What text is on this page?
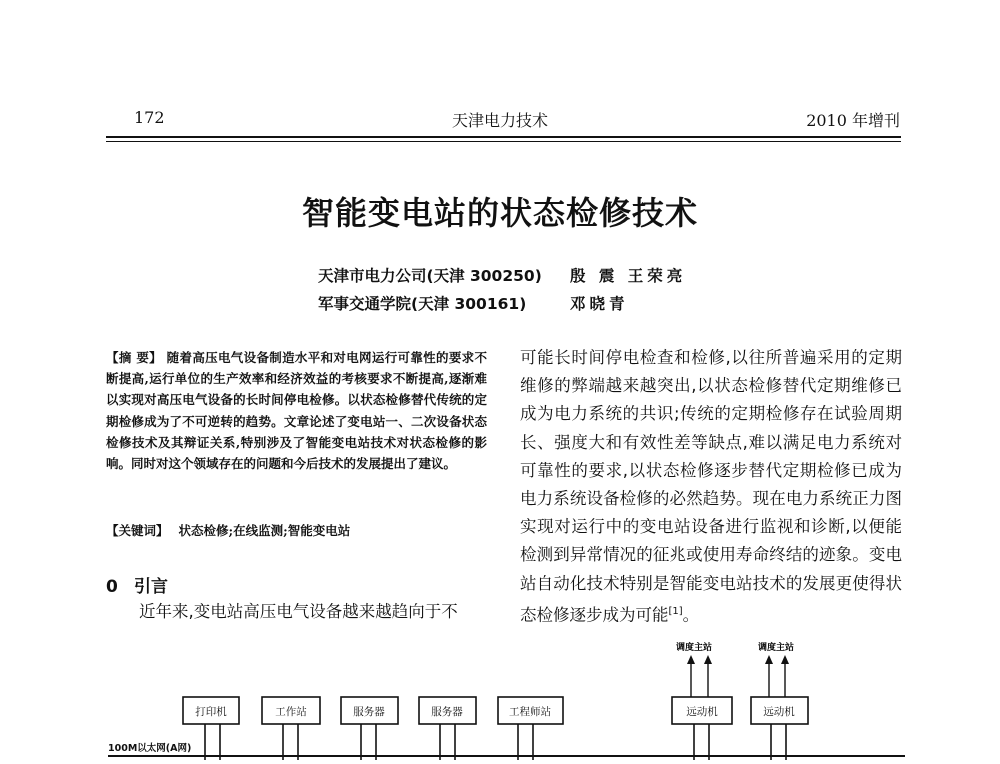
172	天津电力技术	2010 年增刊
智能变电站的状态检修技术
天津市电力公司(天津 300250) 殷 震 王荣亮
军事交通学院(天津 300161)	邓晓青
【摘 要】 随着高压电气设备制造水平和对电网运行可靠性的要求不断提高,运行单位的生产效率和经济效益的考核要求不断提高,逐渐难以实现对高压电气设备的长时间停电检修。以状态检修替代传统的定期检修成为了不可逆转的趋势。文章论述了变电站一、二次设备状态检修技术及其辩证关系,特别涉及了智能变电站技术对状态检修的影响。同时对这个领域存在的问题和今后技术的发展提出了建议。
【关键词】 状态检修;在线监测;智能变电站
0 引言
近年来,变电站高压电气设备越来越趋向于不
可能长时间停电检查和检修,以往所普遍采用的定期维修的弊端越来越突出,以状态检修替代定期维修已成为电力系统的共识;传统的定期检修存在试验周期长、强度大和有效性差等缺点,难以满足电力系统对可靠性的要求,以状态检修逐步替代定期检修已成为电力系统设备检修的必然趋势。现在电力系统正力图实现对运行中的变电站设备进行监视和诊断,以便能检测到异常情况的征兆或使用寿命终结的迹象。变电站自动化技术特别是智能变电站技术的发展更使得状态检修逐步成为可能[1]。
调度主站	调度主站
打印机	工作站	服务器	服务器	工程师站	远动机	远动机
100M以太网(A网)
